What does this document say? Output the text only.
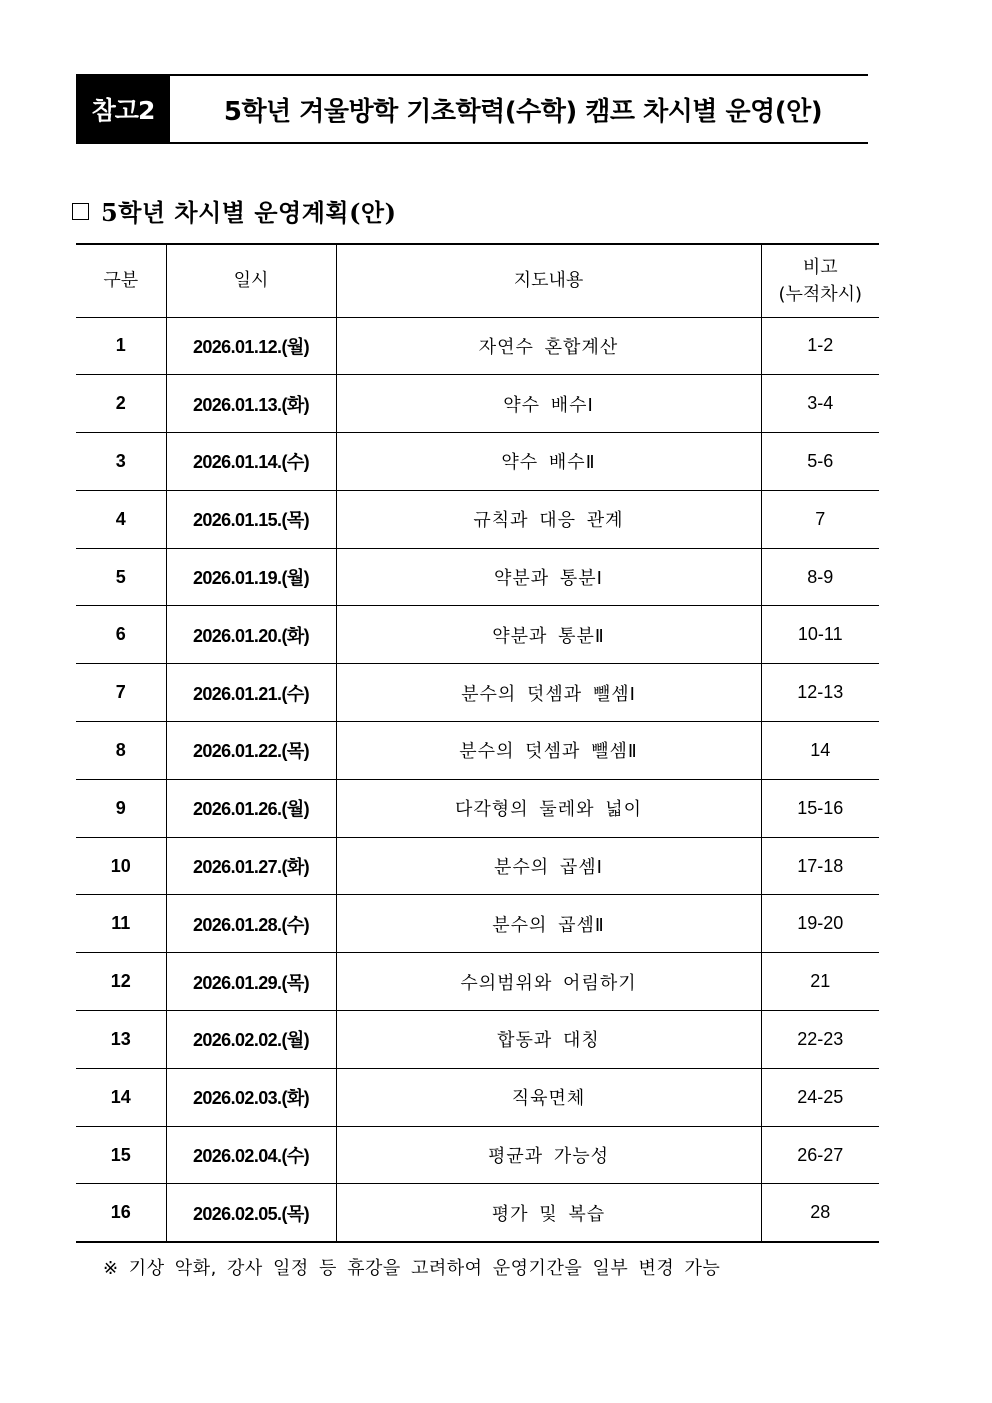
참고2	5학년 겨울방학 기초학력(수학) 캠프 차시별 운영(안)
5학년 차시별 운영계획(안)
구분	일시	지도내용	비고
(누적차시)

1	2026.01.12.(월)	자연수 혼합계산	1-2
2	2026.01.13.(화)	약수 배수Ⅰ	3-4
3	2026.01.14.(수)	약수 배수Ⅱ	5-6
4	2026.01.15.(목)	규칙과 대응 관계	7
5	2026.01.19.(월)	약분과 통분Ⅰ	8-9
6	2026.01.20.(화)	약분과 통분Ⅱ	10-11
7	2026.01.21.(수)	분수의 덧셈과 뺄셈Ⅰ	12-13
8	2026.01.22.(목)	분수의 덧셈과 뺄셈Ⅱ	14
9	2026.01.26.(월)	다각형의 둘레와 넓이	15-16
10	2026.01.27.(화)	분수의 곱셈Ⅰ	17-18
11	2026.01.28.(수)	분수의 곱셈Ⅱ	19-20
12	2026.01.29.(목)	수의범위와 어림하기	21
13	2026.02.02.(월)	합동과 대칭	22-23
14	2026.02.03.(화)	직육면체	24-25
15	2026.02.04.(수)	평균과 가능성	26-27
16	2026.02.05.(목)	평가 및 복습	28
※ 기상 악화, 강사 일정 등 휴강을 고려하여 운영기간을 일부 변경 가능
